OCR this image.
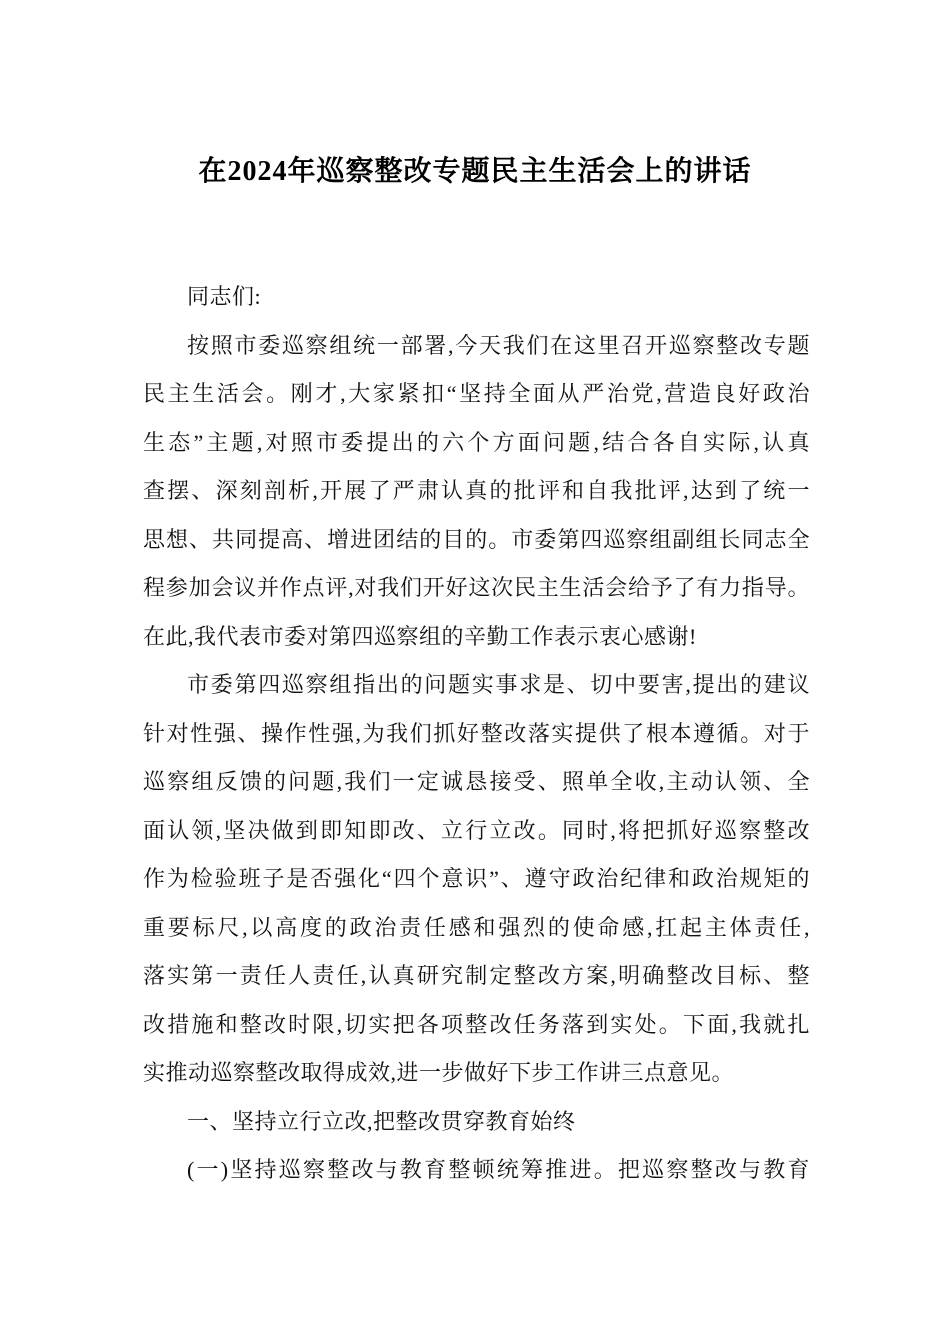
在2024年巡察整改专题民主生活会上的讲话
同志们:
按照市委巡察组统一部署,今天我们在这里召开巡察整改专题
民主生活会。刚才,大家紧扣“坚持全面从严治党,营造良好政治
生态”主题,对照市委提出的六个方面问题,结合各自实际,认真
查摆、深刻剖析,开展了严肃认真的批评和自我批评,达到了统一
思想、共同提高、增进团结的目的。市委第四巡察组副组长同志全
程参加会议并作点评,对我们开好这次民主生活会给予了有力指导。
在此,我代表市委对第四巡察组的辛勤工作表示衷心感谢!
市委第四巡察组指出的问题实事求是、切中要害,提出的建议
针对性强、操作性强,为我们抓好整改落实提供了根本遵循。对于
巡察组反馈的问题,我们一定诚恳接受、照单全收,主动认领、全
面认领,坚决做到即知即改、立行立改。同时,将把抓好巡察整改
作为检验班子是否强化“四个意识”、遵守政治纪律和政治规矩的
重要标尺,以高度的政治责任感和强烈的使命感,扛起主体责任,
落实第一责任人责任,认真研究制定整改方案,明确整改目标、整
改措施和整改时限,切实把各项整改任务落到实处。下面,我就扎
实推动巡察整改取得成效,进一步做好下步工作讲三点意见。
一、坚持立行立改,把整改贯穿教育始终
(一)坚持巡察整改与教育整顿统筹推进。把巡察整改与教育
